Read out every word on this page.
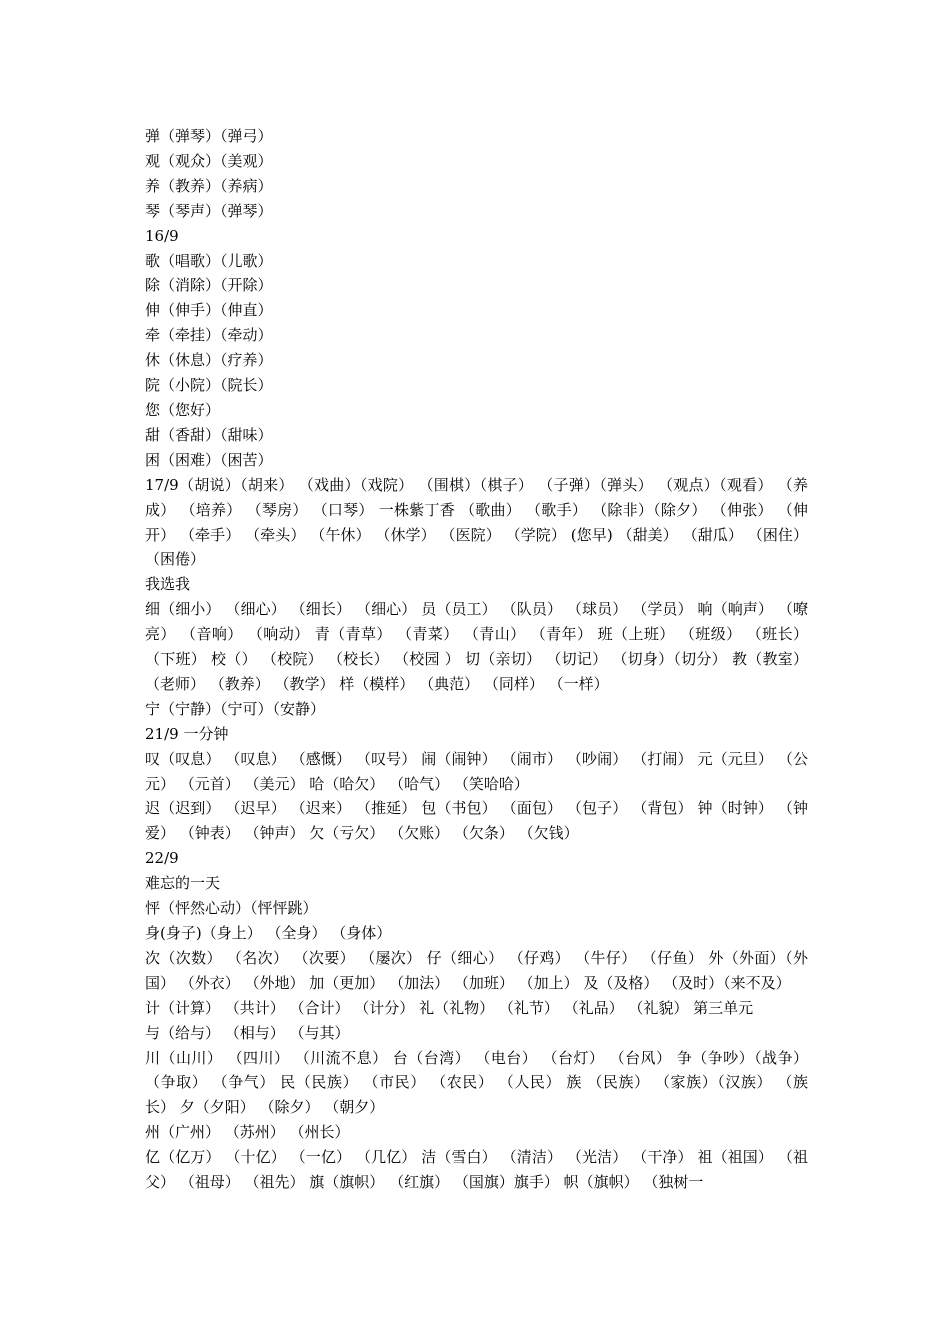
弹（弹琴）（弹弓）

观（观众）（美观）

养（教养）（养病）

琴（琴声）（弹琴）

16/9

歌（唱歌）（儿歌）

除（消除）（开除）

伸（伸手）（伸直）

牵（牵挂）（牵动）

休（休息）（疗养）

院（小院）（院长）

您（您好）

甜（香甜）（甜味）

困（困难）（困苦）

17/9（胡说）（胡来） （戏曲）（戏院） （围棋）（棋子） （子弹）（弹头） （观点）（观看） （养成） （培养） （琴房） （口琴） 一株紫丁香 （歌曲） （歌手） （除非）（除夕） （伸张） （伸开） （牵手） （牵头） （午休） （休学） （医院） （学院） (您早) （甜美） （甜瓜） （困住） （困倦）

我选我

细（细小） （细心） （细长） （细心） 员（员工） （队员） （球员） （学员） 响（响声） （嘹亮） （音响） （响动） 青（青草） （青菜） （青山） （青年） 班（上班） （班级） （班长） （下班） 校（） （校院） （校长） （校园 ） 切（亲切） （切记） （切身）（切分） 教（教室） （老师） （教养） （教学） 样（模样） （典范） （同样） （一样）

宁（宁静）（宁可）（安静）

21/9 一分钟

叹（叹息） （叹息） （感慨） （叹号） 闹（闹钟） （闹市） （吵闹） （打闹） 元（元旦） （公元） （元首） （美元） 哈（哈欠） （哈气） （笑哈哈）

迟（迟到） （迟早） （迟来） （推延） 包（书包） （面包） （包子） （背包） 钟（时钟） （钟爱） （钟表） （钟声） 欠（亏欠） （欠账） （欠条） （欠钱）

22/9

难忘的一天

怦（怦然心动）（怦怦跳）

身(身子)（身上） （全身） （身体）

次（次数） （名次） （次要） （屡次） 仔（细心） （仔鸡） （牛仔） （仔鱼） 外（外面）（外国） （外衣） （外地） 加（更加） （加法） （加班） （加上） 及（及格） （及时）（来不及）

计（计算） （共计） （合计） （计分） 礼（礼物） （礼节） （礼品） （礼貌） 第三单元

与（给与） （相与） （与其）

川（山川） （四川） （川流不息） 台（台湾） （电台） （台灯） （台风） 争（争吵）（战争） （争取） （争气） 民（民族） （市民） （农民） （人民） 族 （民族） （家族）（汉族） （族长） 夕（夕阳） （除夕） （朝夕）

州（广州） （苏州） （州长）

亿（亿万） （十亿） （一亿） （几亿） 洁（雪白） （清洁） （光洁） （干净） 祖（祖国） （祖父） （祖母） （祖先） 旗（旗帜） （红旗） （国旗）旗手） 帜（旗帜） （独树一
